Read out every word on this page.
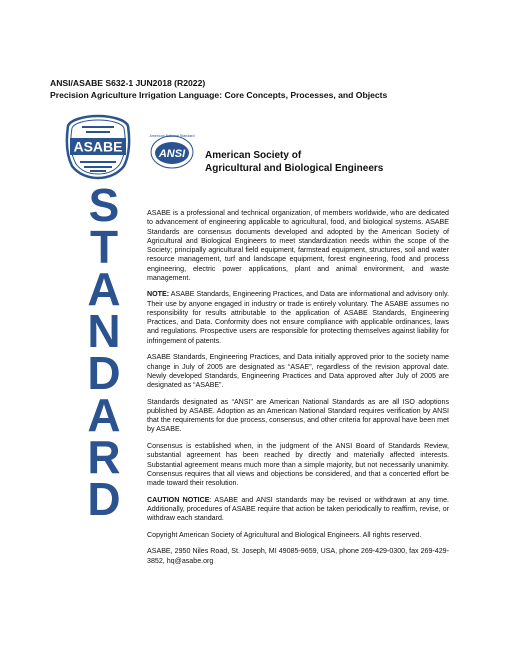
ANSI/ASABE S632-1 JUN2018 (R2022)
Precision Agriculture Irrigation Language: Core Concepts, Processes, and Objects
ASABE	ANSI
American National Standard
American Society of
Agricultural and Biological Engineers
S
T
A
N
D
A
R
D

ASABE is a professional and technical organization, of members worldwide, who are dedicated to advancement of engineering applicable to agricultural, food, and biological systems. ASABE Standards are consensus documents developed and adopted by the American Society of Agricultural and Biological Engineers to meet standardization needs within the scope of the Society; principally agricultural field equipment, farmstead equipment, structures, soil and water resource management, turf and landscape equipment, forest engineering, food and process engineering, electric power applications, plant and animal environment, and waste management.

NOTE: ASABE Standards, Engineering Practices, and Data are informational and advisory only. Their use by anyone engaged in industry or trade is entirely voluntary. The ASABE assumes no responsibility for results attributable to the application of ASABE Standards, Engineering Practices, and Data. Conformity does not ensure compliance with applicable ordinances, laws and regulations. Prospective users are responsible for protecting themselves against liability for infringement of patents.

ASABE Standards, Engineering Practices, and Data initially approved prior to the society name change in July of 2005 are designated as “ASAE”, regardless of the revision approval date. Newly developed Standards, Engineering Practices and Data approved after July of 2005 are designated as “ASABE”.

Standards designated as “ANSI” are American National Standards as are all ISO adoptions published by ASABE. Adoption as an American National Standard requires verification by ANSI that the requirements for due process, consensus, and other criteria for approval have been met by ASABE.

Consensus is established when, in the judgment of the ANSI Board of Standards Review, substantial agreement has been reached by directly and materially affected interests. Substantial agreement means much more than a simple majority, but not necessarily unanimity. Consensus requires that all views and objections be considered, and that a concerted effort be made toward their resolution.

CAUTION NOTICE: ASABE and ANSI standards may be revised or withdrawn at any time. Additionally, procedures of ASABE require that action be taken periodically to reaffirm, revise, or withdraw each standard.

Copyright American Society of Agricultural and Biological Engineers. All rights reserved.

ASABE, 2950 Niles Road, St. Joseph, MI 49085-9659, USA, phone 269-429-0300, fax 269-429-3852, hq@asabe.org
